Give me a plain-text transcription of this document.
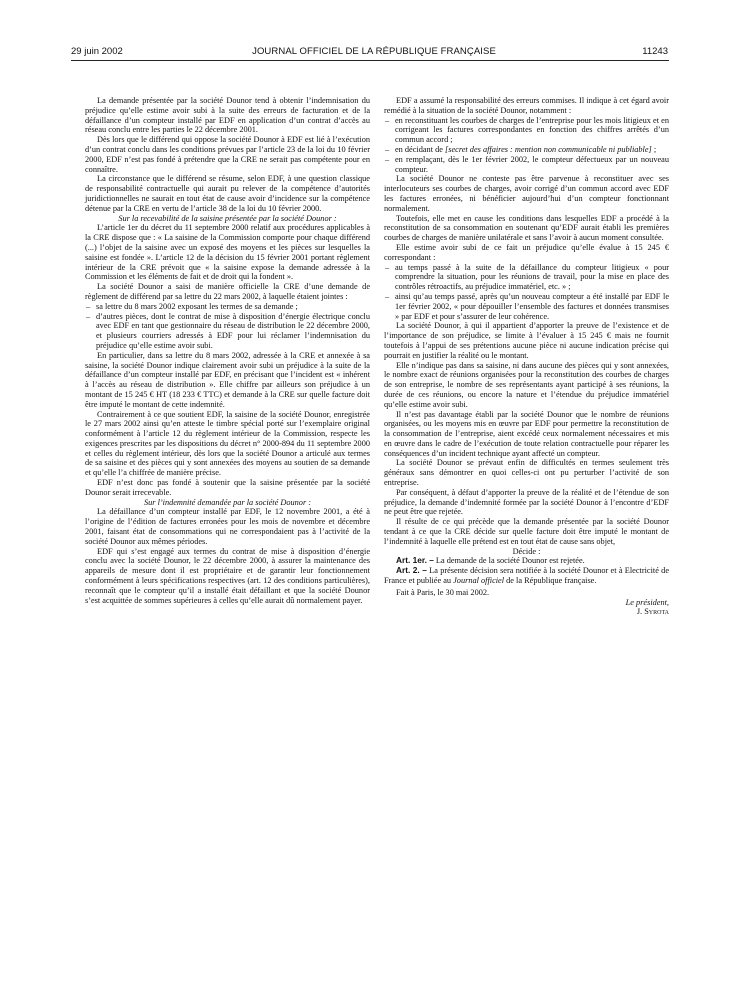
29 juin 2002	JOURNAL OFFICIEL DE LA RÉPUBLIQUE FRANÇAISE	11243

La demande présentée par la société Dounor tend à obtenir l’indemnisation du préjudice qu’elle estime avoir subi à la suite des erreurs de facturation et de la défaillance d’un compteur installé par EDF en application d’un contrat d’accès au réseau conclu entre les parties le 22 décembre 2001.

Dès lors que le différend qui oppose la société Dounor à EDF est lié à l’exécution d’un contrat conclu dans les conditions prévues par l’article 23 de la loi du 10 février 2000, EDF n’est pas fondé à prétendre que la CRE ne serait pas compétente pour en connaître.

La circonstance que le différend se résume, selon EDF, à une question classique de responsabilité contractuelle qui aurait pu relever de la compétence d’autorités juridictionnelles ne saurait en tout état de cause avoir d’incidence sur la compétence détenue par la CRE en vertu de l’article 38 de la loi du 10 février 2000.

Sur la recevabilité de la saisine présentée par la société Dounor :

L’article 1er du décret du 11 septembre 2000 relatif aux procédures applicables à la CRE dispose que : « La saisine de la Commission comporte pour chaque différend (...) l’objet de la saisine avec un exposé des moyens et les pièces sur lesquelles la saisine est fondée ». L’article 12 de la décision du 15 février 2001 portant règlement intérieur de la CRE prévoit que « la saisine expose la demande adressée à la Commission et les éléments de fait et de droit qui la fondent ».

La société Dounor a saisi de manière officielle la CRE d’une demande de règlement de différend par sa lettre du 22 mars 2002, à laquelle étaient jointes :

– sa lettre du 8 mars 2002 exposant les termes de sa demande ;
– d’autres pièces, dont le contrat de mise à disposition d’énergie électrique conclu avec EDF en tant que gestionnaire du réseau de distribution le 22 décembre 2000, et plusieurs courriers adressés à EDF pour lui réclamer l’indemnisation du préjudice qu’elle estime avoir subi.

En particulier, dans sa lettre du 8 mars 2002, adressée à la CRE et annexée à sa saisine, la société Dounor indique clairement avoir subi un préjudice à la suite de la défaillance d’un compteur installé par EDF, en précisant que l’incident est « inhérent à l’accès au réseau de distribution ». Elle chiffre par ailleurs son préjudice à un montant de 15 245 € HT (18 233 € TTC) et demande à la CRE sur quelle facture doit être imputé le montant de cette indemnité.

Contrairement à ce que soutient EDF, la saisine de la société Dounor, enregistrée le 27 mars 2002 ainsi qu’en atteste le timbre spécial porté sur l’exemplaire original conformément à l’article 12 du règlement intérieur de la Commission, respecte les exigences prescrites par les dispositions du décret n° 2000-894 du 11 septembre 2000 et celles du règlement intérieur, dès lors que la société Dounor a articulé aux termes de sa saisine et des pièces qui y sont annexées des moyens au soutien de sa demande et qu’elle l’a chiffrée de manière précise.

EDF n’est donc pas fondé à soutenir que la saisine présentée par la société Dounor serait irrecevable.

Sur l’indemnité demandée par la société Dounor :

La défaillance d’un compteur installé par EDF, le 12 novembre 2001, a été à l’origine de l’édition de factures erronées pour les mois de novembre et décembre 2001, faisant état de consommations qui ne correspondaient pas à l’activité de la société Dounor aux mêmes périodes.

EDF qui s’est engagé aux termes du contrat de mise à disposition d’énergie conclu avec la société Dounor, le 22 décembre 2000, à assurer la maintenance des appareils de mesure dont il est propriétaire et de garantir leur fonctionnement conformément à leurs spécifications respectives (art. 12 des conditions particulières), reconnaît que le compteur qu’il a installé était défaillant et que la société Dounor s’est acquittée de sommes supérieures à celles qu’elle aurait dû normalement payer.

EDF a assumé la responsabilité des erreurs commises. Il indique à cet égard avoir remédié à la situation de la société Dounor, notamment :

– en reconstituant les courbes de charges de l’entreprise pour les mois litigieux et en corrigeant les factures correspondantes en fonction des chiffres arrêtés d’un commun accord ;
– en décidant de [secret des affaires : mention non communicable ni publiable] ;
– en remplaçant, dès le 1er février 2002, le compteur défectueux par un nouveau compteur.

La société Dounor ne conteste pas être parvenue à reconstituer avec ses interlocuteurs ses courbes de charges, avoir corrigé d’un commun accord avec EDF les factures erronées, ni bénéficier aujourd’hui d’un compteur fonctionnant normalement.

Toutefois, elle met en cause les conditions dans lesquelles EDF a procédé à la reconstitution de sa consommation en soutenant qu’EDF aurait établi les premières courbes de charges de manière unilatérale et sans l’avoir à aucun moment consultée.

Elle estime avoir subi de ce fait un préjudice qu’elle évalue à 15 245 € correspondant :

– au temps passé à la suite de la défaillance du compteur litigieux « pour comprendre la situation, pour les réunions de travail, pour la mise en place des contrôles rétroactifs, au préjudice immatériel, etc. » ;
– ainsi qu’au temps passé, après qu’un nouveau compteur a été installé par EDF le 1er février 2002, « pour dépouiller l’ensemble des factures et données transmises » par EDF et pour s’assurer de leur cohérence.

La société Dounor, à qui il appartient d’apporter la preuve de l’existence et de l’importance de son préjudice, se limite à l’évaluer à 15 245 € mais ne fournit toutefois à l’appui de ses prétentions aucune pièce ni aucune indication précise qui pourrait en justifier la réalité ou le montant.

Elle n’indique pas dans sa saisine, ni dans aucune des pièces qui y sont annexées, le nombre exact de réunions organisées pour la reconstitution des courbes de charges de son entreprise, le nombre de ses représentants ayant participé à ses réunions, la durée de ces réunions, ou encore la nature et l’étendue du préjudice immatériel qu’elle estime avoir subi.

Il n’est pas davantage établi par la société Dounor que le nombre de réunions organisées, ou les moyens mis en œuvre par EDF pour permettre la reconstitution de la consommation de l’entreprise, aient excédé ceux normalement nécessaires et mis en œuvre dans le cadre de l’exécution de toute relation contractuelle pour réparer les conséquences d’un incident technique ayant affecté un compteur.

La société Dounor se prévaut enfin de difficultés en termes seulement très généraux sans démontrer en quoi celles-ci ont pu perturber l’activité de son entreprise.

Par conséquent, à défaut d’apporter la preuve de la réalité et de l’étendue de son préjudice, la demande d’indemnité formée par la société Dounor à l’encontre d’EDF ne peut être que rejetée.

Il résulte de ce qui précède que la demande présentée par la société Dounor tendant à ce que la CRE décide sur quelle facture doit être imputé le montant de l’indemnité à laquelle elle prétend est en tout état de cause sans objet,

Décide :

Art. 1er. – La demande de la société Dounor est rejetée.

Art. 2. – La présente décision sera notifiée à la société Dounor et à Electricité de France et publiée au Journal officiel de la République française.

Fait à Paris, le 30 mai 2002.

Le président,

J. Syrota
